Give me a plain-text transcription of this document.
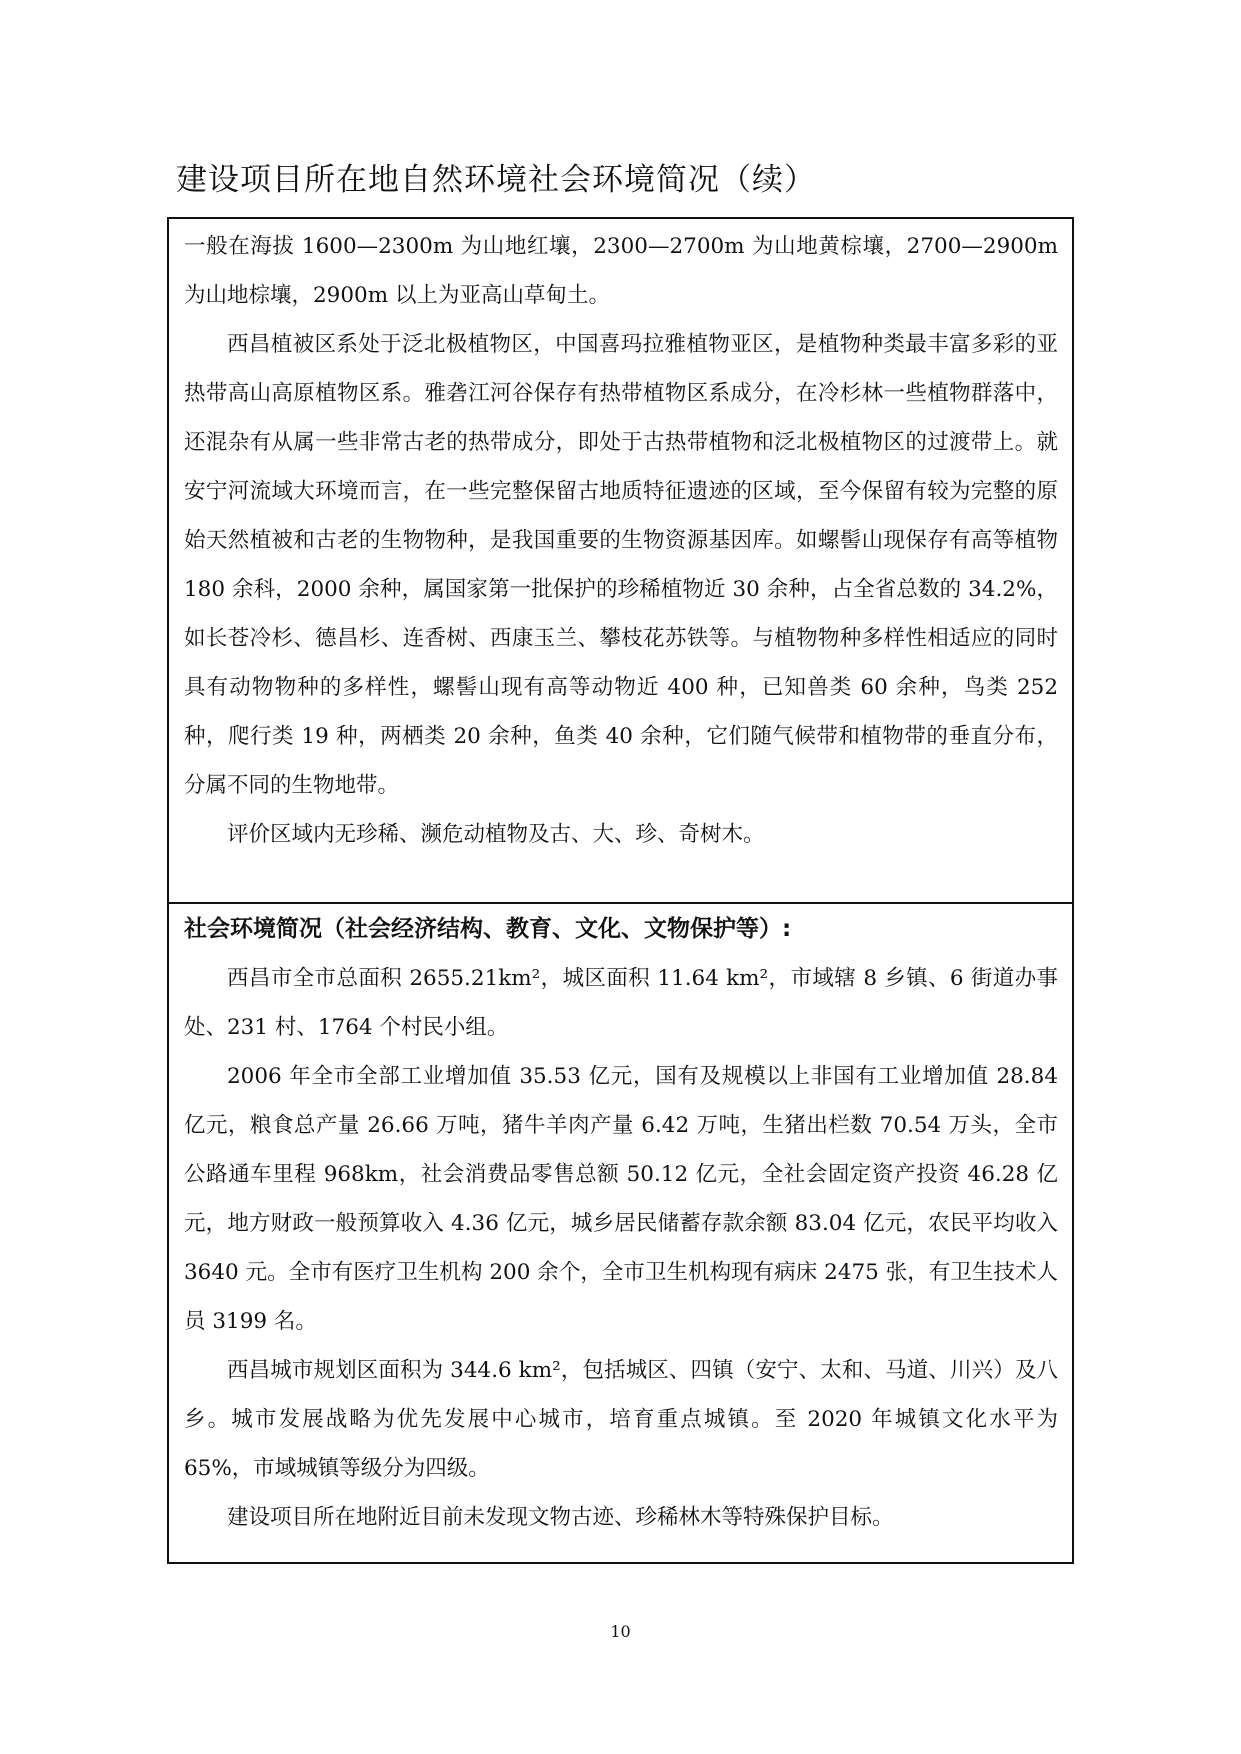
建设项目所在地自然环境社会环境简况（续）

一般在海拔 1600—2300m 为山地红壤，2300—2700m 为山地黄棕壤，2700—2900m 为山地棕壤，2900m 以上为亚高山草甸土。

西昌植被区系处于泛北极植物区，中国喜玛拉雅植物亚区，是植物种类最丰富多彩的亚热带高山高原植物区系。雅砻江河谷保存有热带植物区系成分，在冷杉林一些植物群落中，还混杂有从属一些非常古老的热带成分，即处于古热带植物和泛北极植物区的过渡带上。就安宁河流域大环境而言，在一些完整保留古地质特征遗迹的区域，至今保留有较为完整的原始天然植被和古老的生物物种，是我国重要的生物资源基因库。如螺髻山现保存有高等植物 180 余科，2000 余种，属国家第一批保护的珍稀植物近 30 余种，占全省总数的 34.2%，如长苍冷杉、德昌杉、连香树、西康玉兰、攀枝花苏铁等。与植物物种多样性相适应的同时具有动物物种的多样性，螺髻山现有高等动物近 400 种，已知兽类 60 余种，鸟类 252 种，爬行类 19 种，两栖类 20 余种，鱼类 40 余种，它们随气候带和植物带的垂直分布，分属不同的生物地带。

评价区域内无珍稀、濒危动植物及古、大、珍、奇树木。

社会环境简况（社会经济结构、教育、文化、文物保护等）:

西昌市全市总面积 2655.21km²，城区面积 11.64 km²，市域辖 8 乡镇、6 街道办事处、231 村、1764 个村民小组。

2006 年全市全部工业增加值 35.53 亿元，国有及规模以上非国有工业增加值 28.84 亿元，粮食总产量 26.66 万吨，猪牛羊肉产量 6.42 万吨，生猪出栏数 70.54 万头，全市公路通车里程 968km，社会消费品零售总额 50.12 亿元，全社会固定资产投资 46.28 亿元，地方财政一般预算收入 4.36 亿元，城乡居民储蓄存款余额 83.04 亿元，农民平均收入 3640 元。全市有医疗卫生机构 200 余个，全市卫生机构现有病床 2475 张，有卫生技术人员 3199 名。

西昌城市规划区面积为 344.6 km²，包括城区、四镇（安宁、太和、马道、川兴）及八乡。城市发展战略为优先发展中心城市，培育重点城镇。至 2020 年城镇文化水平为 65%，市域城镇等级分为四级。

建设项目所在地附近目前未发现文物古迹、珍稀林木等特殊保护目标。

10
